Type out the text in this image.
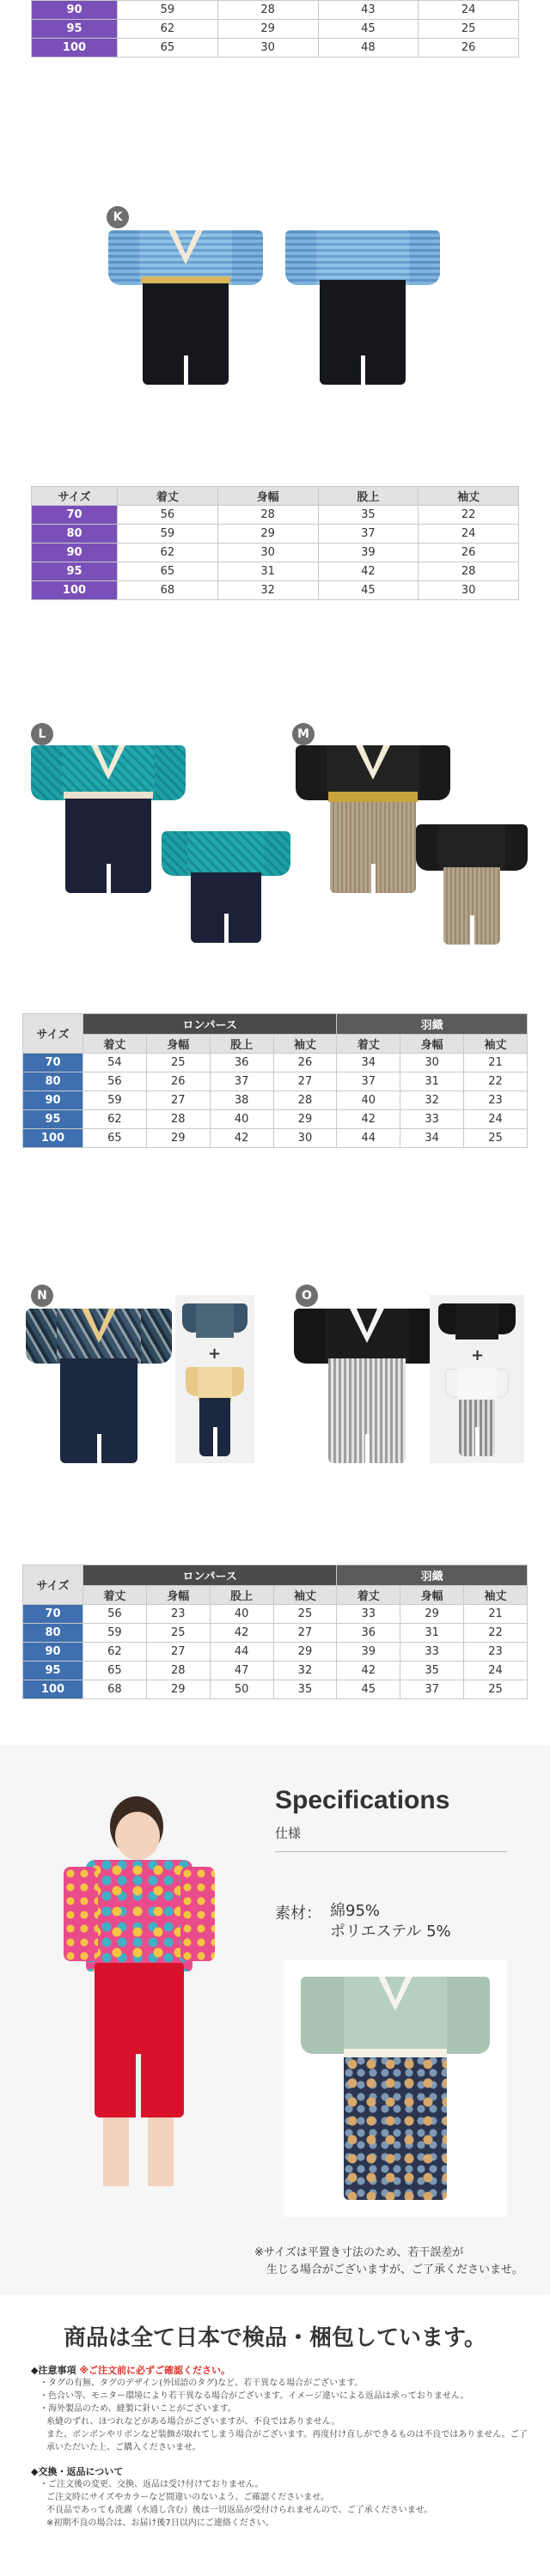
90	59	28	43	24
95	62	29	45	25
100	65	30	48	26
K
サイズ	着丈	身幅	股上	袖丈
70	56	28	35	22
80	59	29	37	24
90	62	30	39	26
95	65	31	42	28
100	68	32	45	30
L	M
サイズ	ロンパース				羽織		
	着丈	身幅	股上	袖丈	着丈	身幅	袖丈
70	54	25	36	26	34	30	21
80	56	26	37	27	37	31	22
90	59	27	38	28	40	32	23
95	62	28	40	29	42	33	24
100	65	29	42	30	44	34	25
N
+
O
+
サイズ	ロンパース				羽織		
	着丈	身幅	股上	袖丈	着丈	身幅	袖丈
70	56	23	40	25	33	29	21
80	59	25	42	27	36	31	22
90	62	27	44	29	39	33	23
95	65	28	47	32	42	35	24
100	68	29	50	35	45	37	25
Specifications
仕様
素材： 綿95%
ポリエステル 5%
※サイズは平置き寸法のため、若干誤差が
生じる場合がございますが、ご了承くださいませ。
商品は全て日本で検品・梱包しています。
◆注意事項 ※ご注文前に必ずご確認ください。
・タグの有無、タグのデザイン(外国語のタグ)など、若干異なる場合がございます。
・色合い等、モニター環境により若干異なる場合がございます。イメージ違いによる返品は承っておりません。
・海外製品のため、縫製に針いことがございます。
糸縫のずれ、ほつれなどがある場合がございますが、不良ではありません。
また、ボンボンやリボンなど装飾が取れてしまう場合がございます。再度付け直しができるものは不良ではありません。ご了承いただいた上、ご購入くださいませ。
◆交換・返品について
・ご注文後の変更、交換、返品は受け付けておりません。
ご注文時にサイズやカラーなど間違いのないよう、ご確認くださいませ。
不良品であっても洗濯（水通し含む）後は一切返品が受付けられませんので、ご了承くださいませ。
※初期不良の場合は、お届け後7日以内にご連絡ください。
